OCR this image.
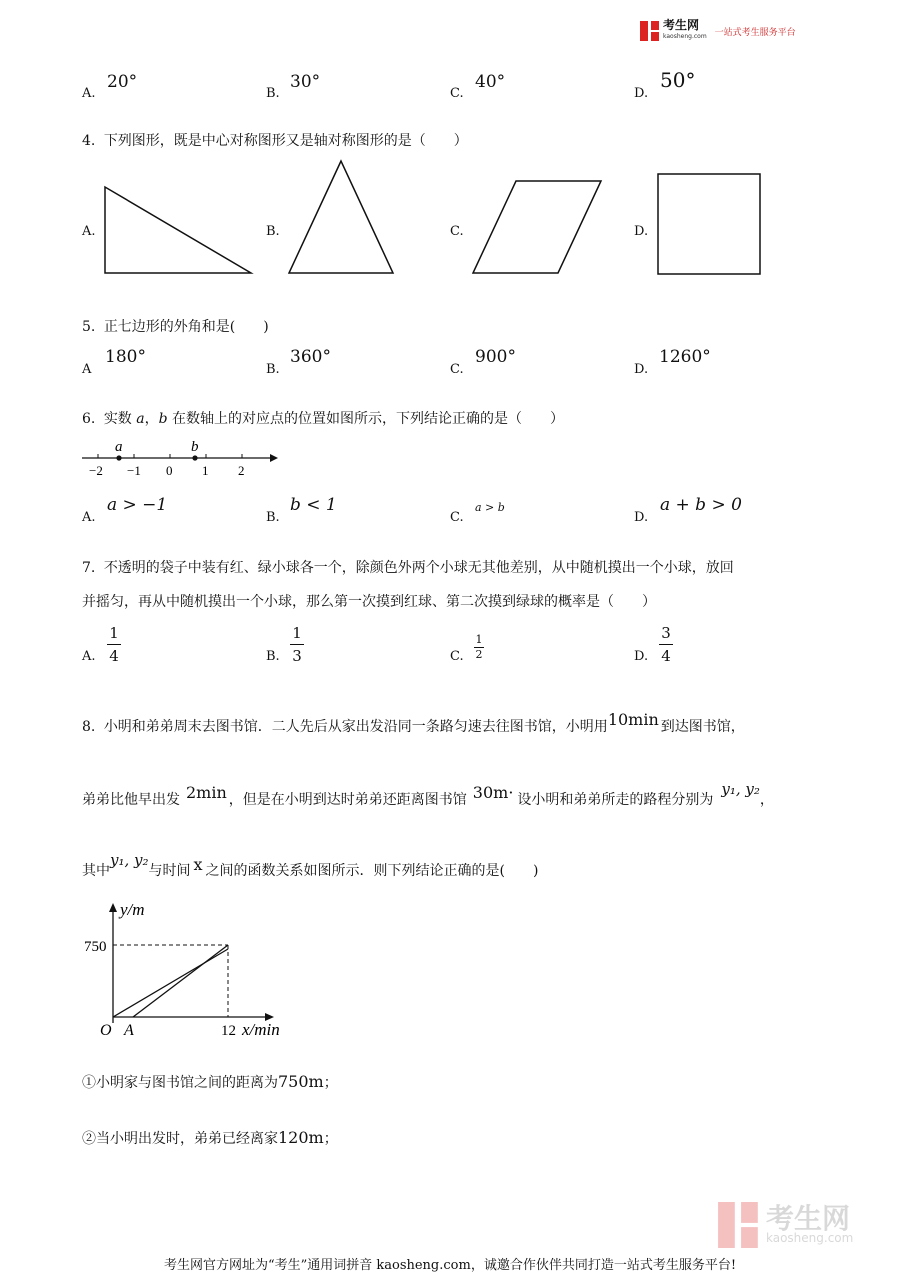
考生网
kaosheng.com 一站式考生服务平台
A.
20°
B.
30°
C.
40°
D.
50°
4. 下列图形，既是中心对称图形又是轴对称图形的是（　　）
A.	B.	C.	D.
5. 正七边形的外角和是(　　)
A
180°
B.
360°
C.
900°
D.
1260°
6. 实数 a，b 在数轴上的对应点的位置如图所示，下列结论正确的是（　　）
a	b
−2 −1 0 1 2
A.
a > −1
B.
b < 1
C.
a > b
D.
a + b > 0
7. 不透明的袋子中装有红、绿小球各一个，除颜色外两个小球无其他差别，从中随机摸出一个小球，放回
并摇匀，再从中随机摸出一个小球，那么第一次摸到红球、第二次摸到绿球的概率是（　　）
A.
1
4	B.
1
3	C.
1
2	D.
3
4
8. 小明和弟弟周末去图书馆．二人先后从家出发沿同一条路匀速去往图书馆，小明用10min 到达图书馆，
弟弟比他早出发 2min ，但是在小明到达时弟弟还距离图书馆 30m· 设小明和弟弟所走的路程分别为y₁, y₂，
其中y₁, y₂与时间 x 之间的函数关系如图所示．则下列结论正确的是(　　)
y/m
750
O A	12 x/min
①小明家与图书馆之间的距离为750m；
②当小明出发时，弟弟已经离家120m；
考生网
kaosheng.com
考生网官方网址为“考生”通用词拼音 kaosheng.com，诚邀合作伙伴共同打造一站式考生服务平台!
